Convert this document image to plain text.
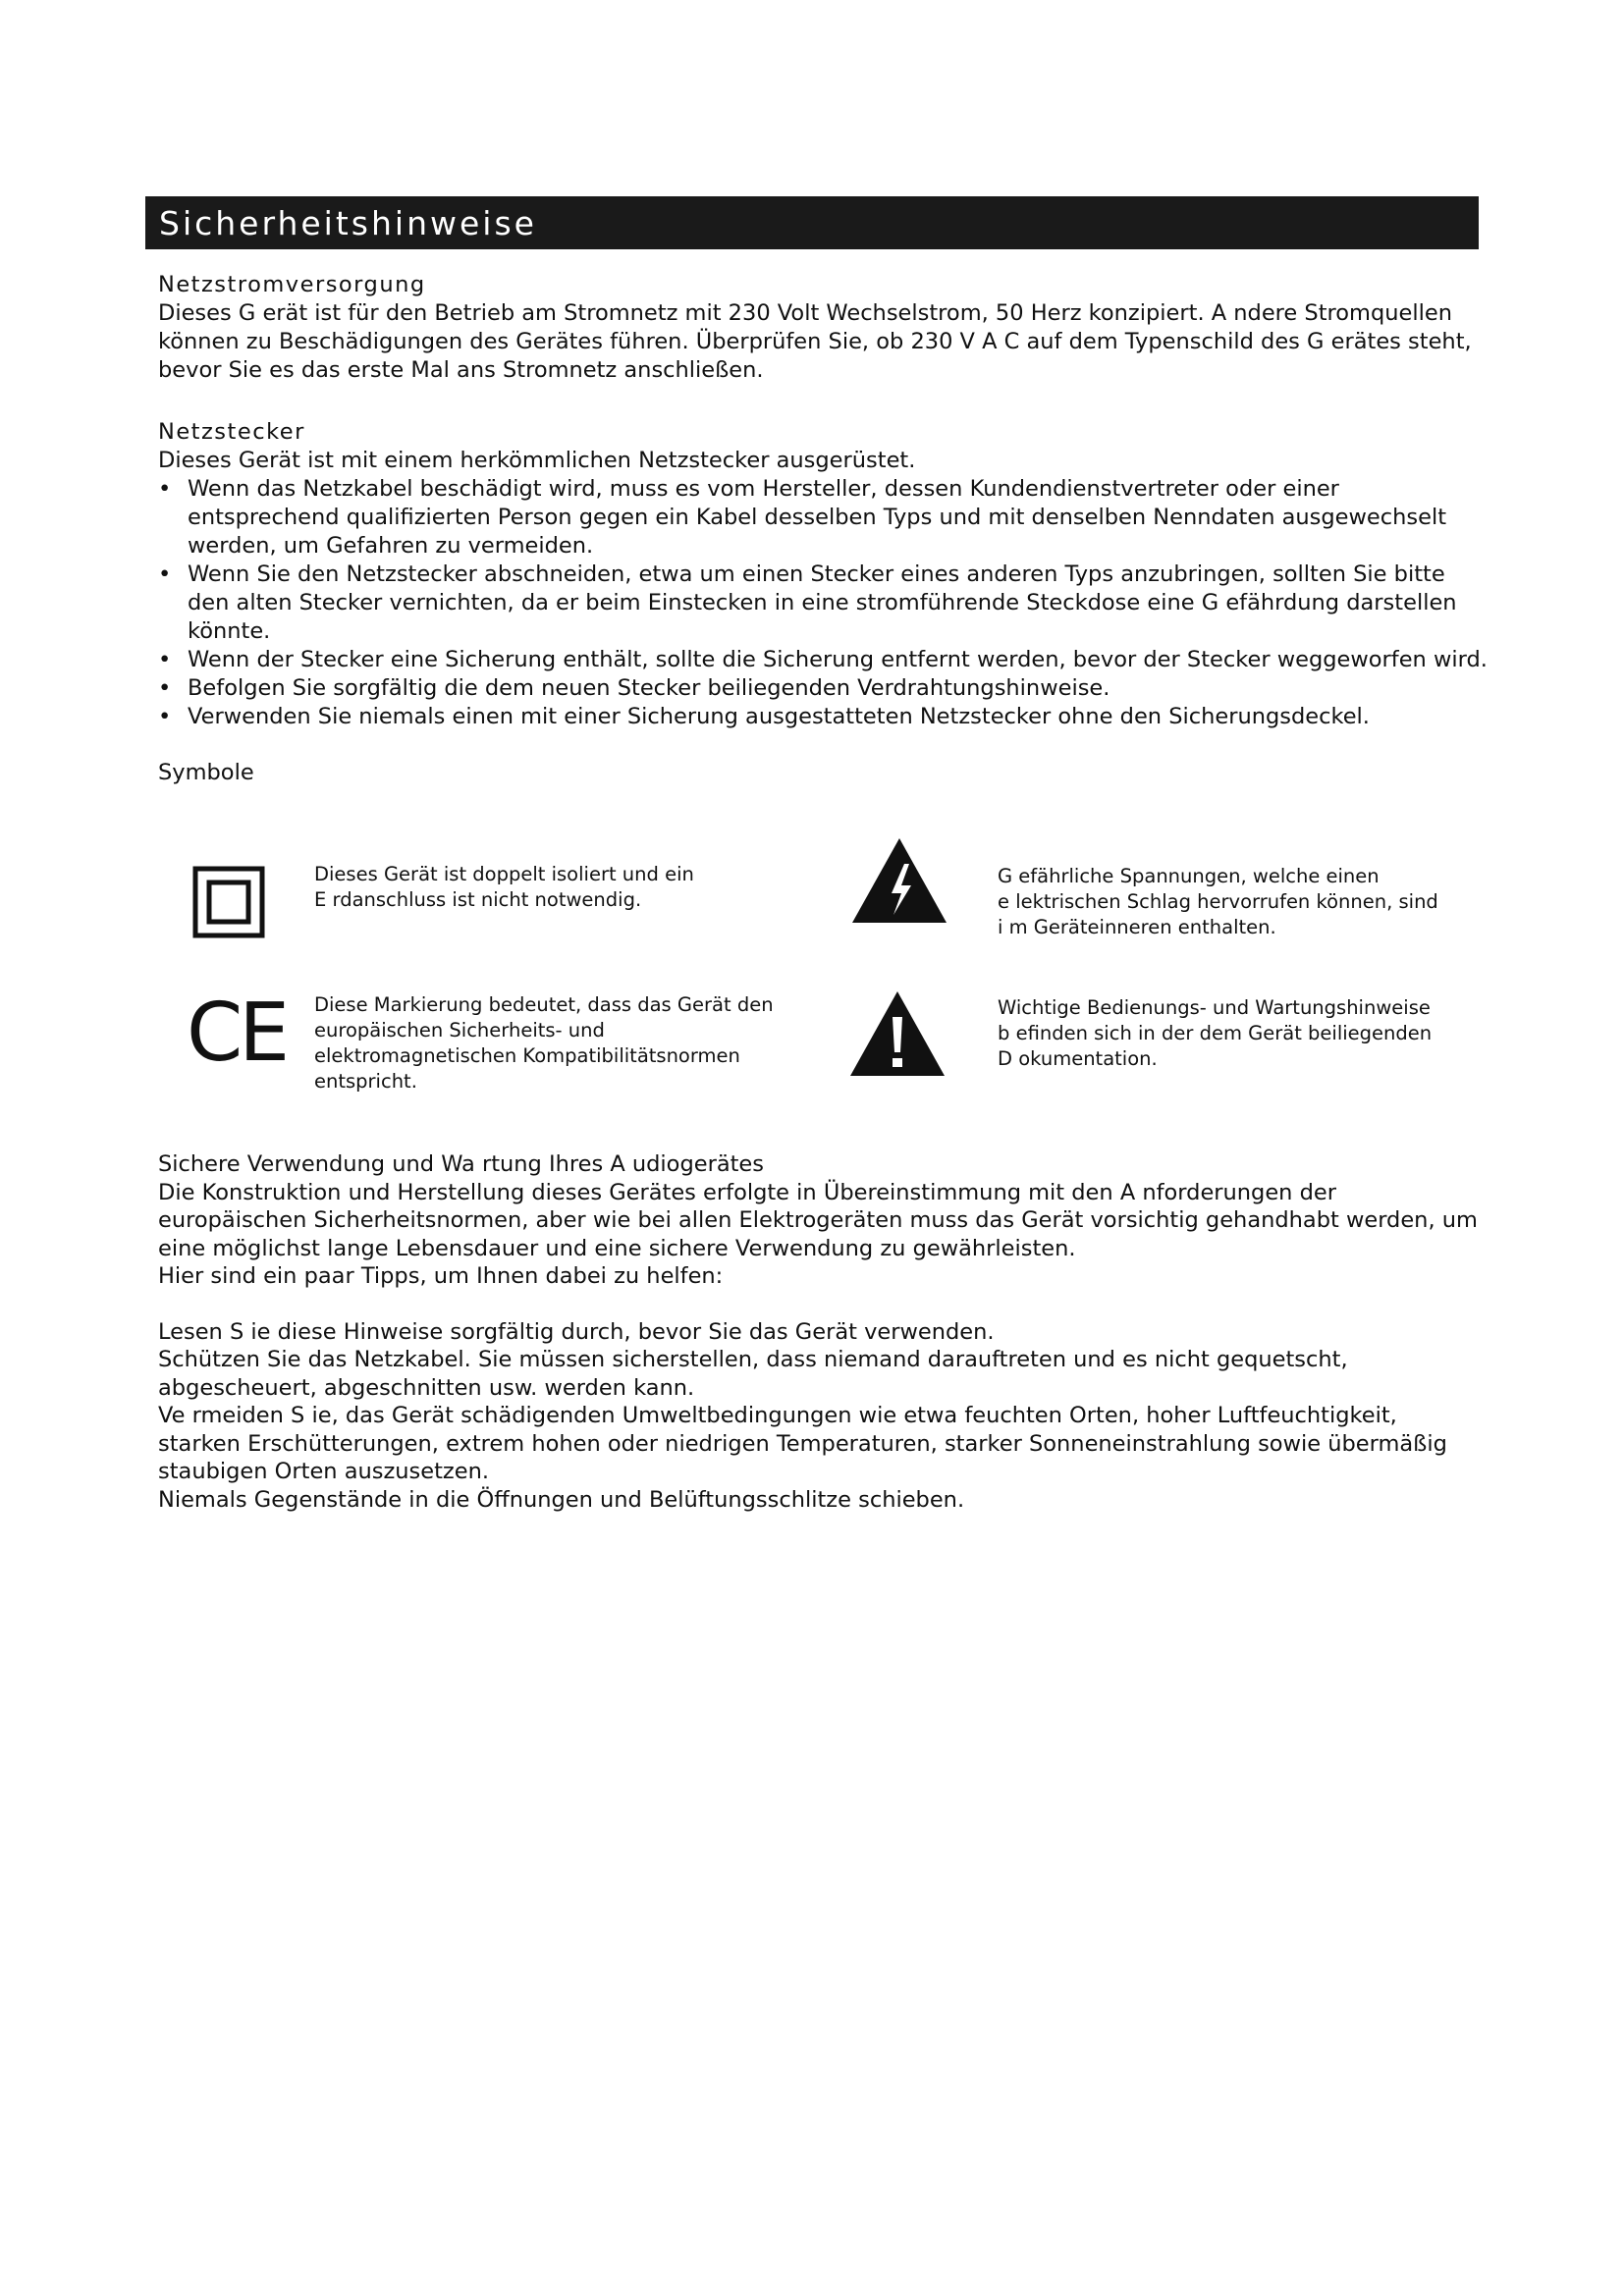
Sicherheitshinweise

Netzstromversorgung

Dieses G erät ist für den Betrieb am Stromnetz mit 230 Volt Wechselstrom, 50 Herz konzipiert. A ndere Stromquellen

können zu Beschädigungen des Gerätes führen. Überprüfen Sie, ob 230 V A C auf dem Typenschild des G erätes steht,

bevor Sie es das erste Mal ans Stromnetz anschließen.

Netzstecker

Dieses Gerät ist mit einem herkömmlichen Netzstecker ausgerüstet.

• Wenn das Netzkabel beschädigt wird, muss es vom Hersteller, dessen Kundendienstvertreter oder einer entsprechend qualifizierten Person gegen ein Kabel desselben Typs und mit denselben Nenndaten ausgewechselt werden, um Gefahren zu vermeiden.
• Wenn Sie den Netzstecker abschneiden, etwa um einen Stecker eines anderen Typs anzubringen, sollten Sie bitte den alten Stecker vernichten, da er beim Einstecken in eine stromführende Steckdose eine G efährdung darstellen könnte.
• Wenn der Stecker eine Sicherung enthält, sollte die Sicherung entfernt werden, bevor der Stecker weggeworfen wird.
• Befolgen Sie sorgfältig die dem neuen Stecker beiliegenden Verdrahtungshinweise.
• Verwenden Sie niemals einen mit einer Sicherung ausgestatteten Netzstecker ohne den Sicherungsdeckel.

Symbole

Dieses Gerät ist doppelt isoliert und ein
E rdanschluss ist nicht notwendig.
G efährliche Spannungen, welche einen
e lektrischen Schlag hervorrufen können, sind
i m Geräteinneren enthalten.
CE Diese Markierung bedeutet, dass das Gerät den
europäischen Sicherheits- und
elektromagnetischen Kompatibilitätsnormen
entspricht.
Wichtige Bedienungs- und Wartungshinweise
b efinden sich in der dem Gerät beiliegenden
D okumentation.

Sichere Verwendung und Wa rtung Ihres A udiogerätes

Die Konstruktion und Herstellung dieses Gerätes erfolgte in Übereinstimmung mit den A nforderungen der

europäischen Sicherheitsnormen, aber wie bei allen Elektrogeräten muss das Gerät vorsichtig gehandhabt werden, um

eine möglichst lange Lebensdauer und eine sichere Verwendung zu gewährleisten.

Hier sind ein paar Tipps, um Ihnen dabei zu helfen:

Lesen S ie diese Hinweise sorgfältig durch, bevor Sie das Gerät verwenden.

Schützen Sie das Netzkabel. Sie müssen sicherstellen, dass niemand darauftreten und es nicht gequetscht,

abgescheuert, abgeschnitten usw. werden kann.

Ve rmeiden S ie, das Gerät schädigenden Umweltbedingungen wie etwa feuchten Orten, hoher Luftfeuchtigkeit,

starken Erschütterungen, extrem hohen oder niedrigen Temperaturen, starker Sonneneinstrahlung sowie übermäßig

staubigen Orten auszusetzen.

Niemals Gegenstände in die Öffnungen und Belüftungsschlitze schieben.
